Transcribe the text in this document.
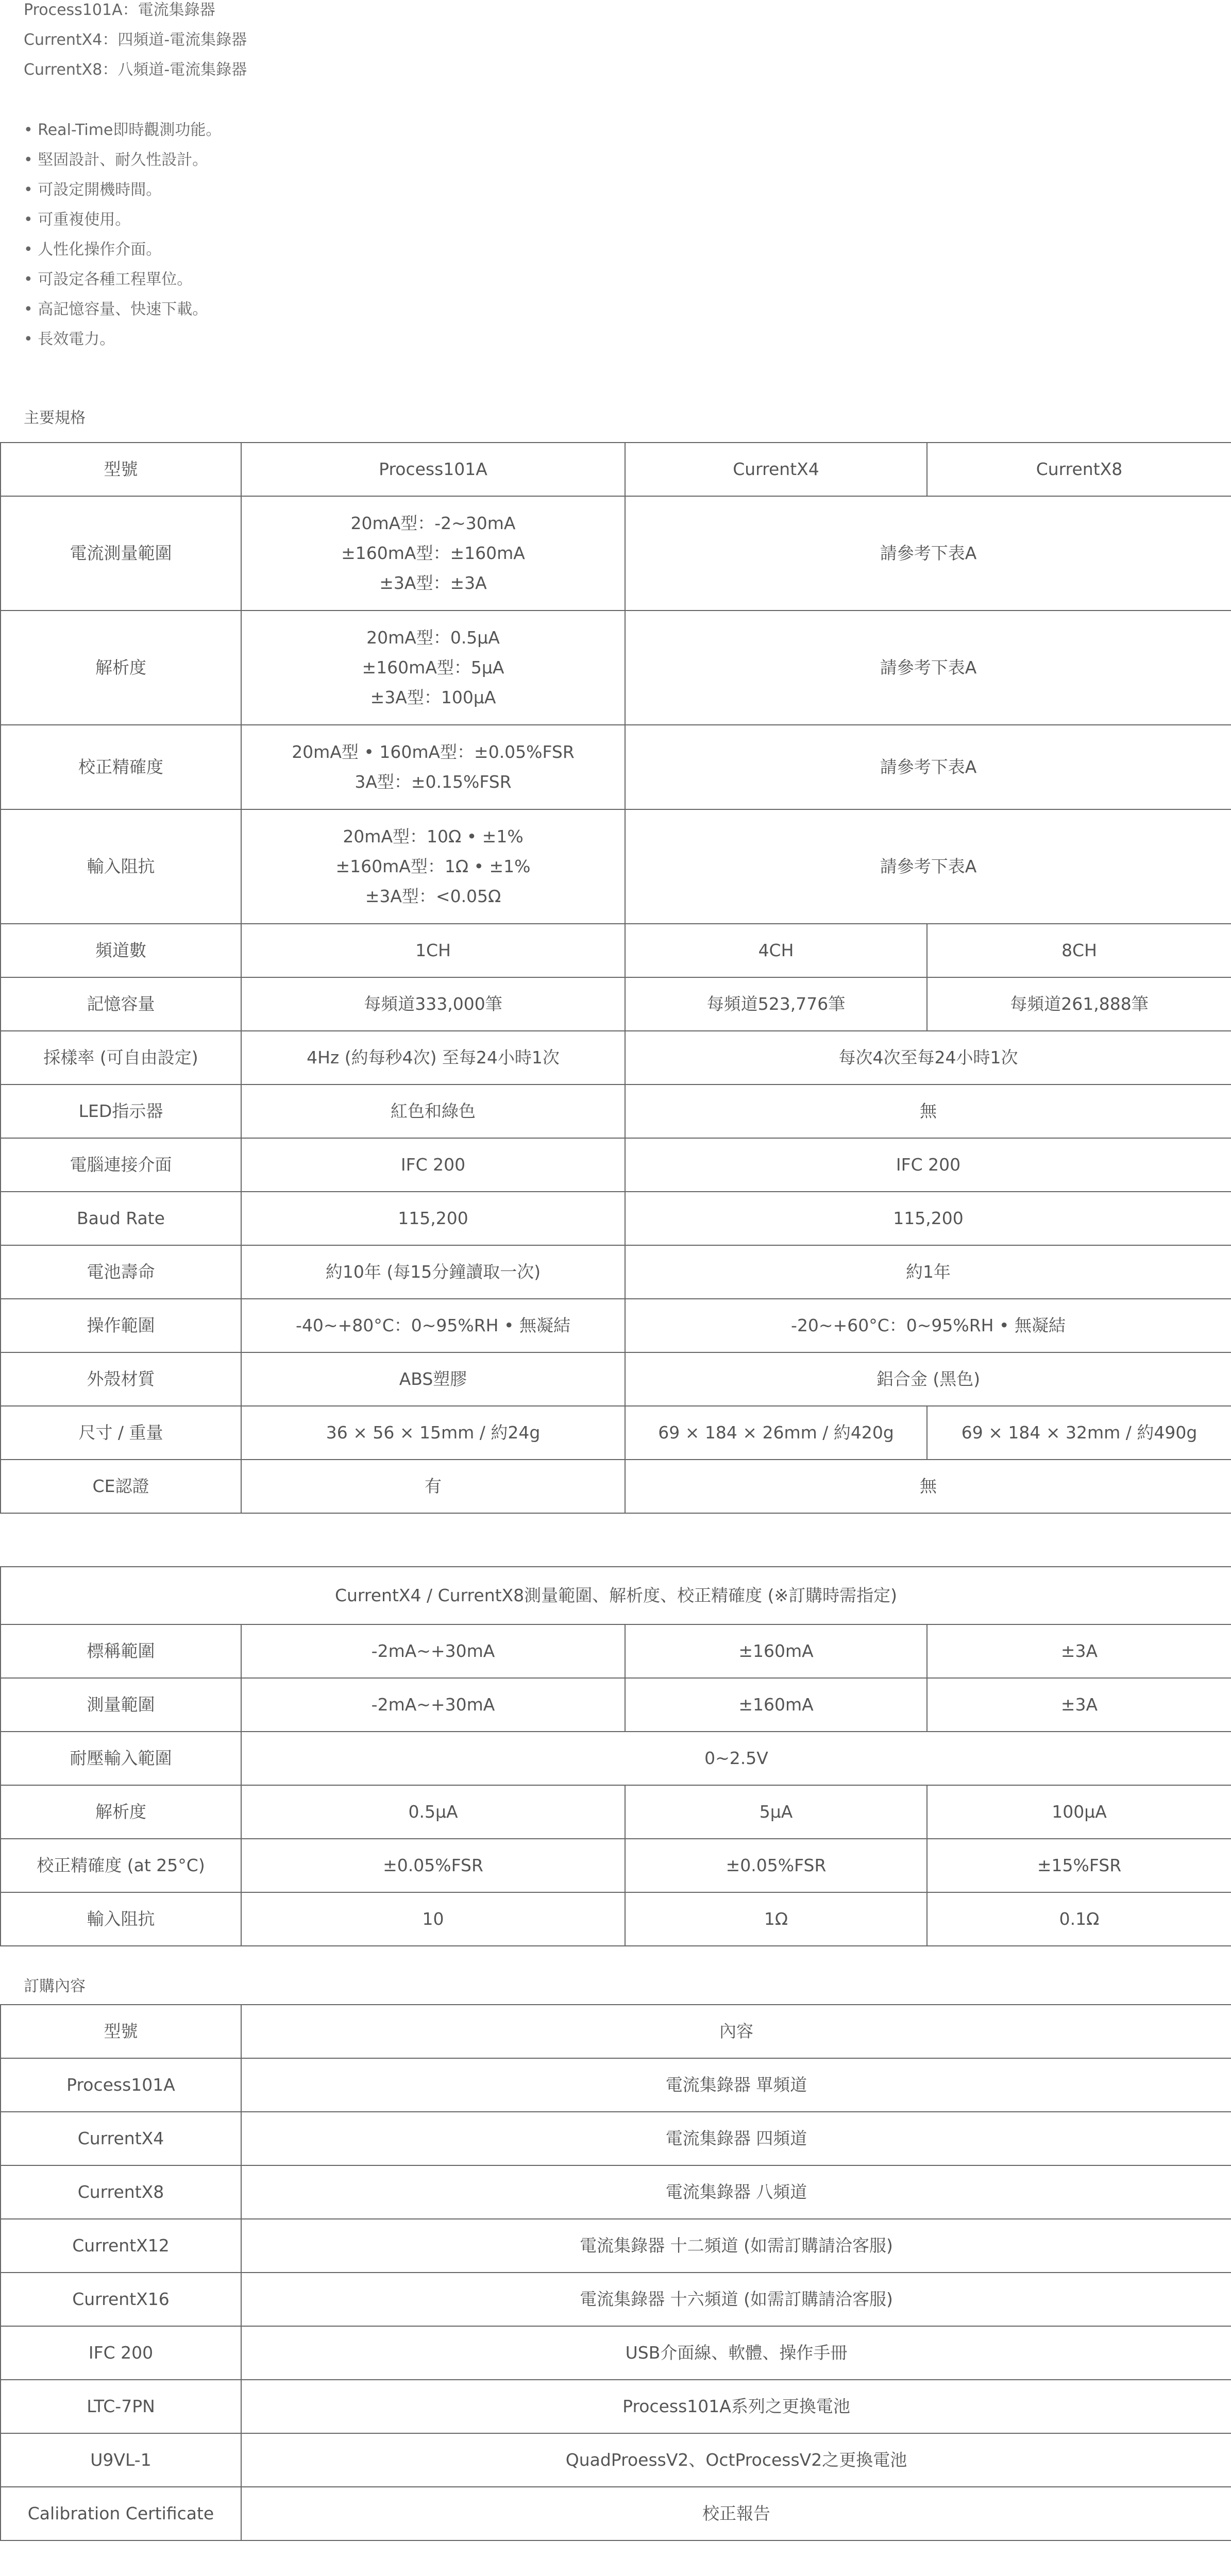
Process101A：電流集錄器
CurrentX4：四頻道-電流集錄器
CurrentX8：八頻道-電流集錄器
• Real-Time即時觀測功能。
• 堅固設計、耐久性設計。
• 可設定開機時間。
• 可重複使用。
• 人性化操作介面。
• 可設定各種工程單位。
• 高記憶容量、快速下載。
• 長效電力。
主要規格
型號	Process101A	CurrentX4	CurrentX8
電流測量範圍	20mA型：-2~30mA
±160mA型：±160mA
±3A型：±3A	請參考下表A	
解析度	20mA型：0.5μA
±160mA型：5μA
±3A型：100μA	請參考下表A	
校正精確度	20mA型 • 160mA型：±0.05%FSR
3A型：±0.15%FSR	請參考下表A	
輸入阻抗	20mA型：10Ω • ±1%
±160mA型：1Ω • ±1%
±3A型：<0.05Ω	請參考下表A	
頻道數	1CH	4CH	8CH
記憶容量	每頻道333,000筆	每頻道523,776筆	每頻道261,888筆
採樣率 (可自由設定)	4Hz (約每秒4次) 至每24小時1次	每次4次至每24小時1次	
LED指示器	紅色和綠色	無	
電腦連接介面	IFC 200	IFC 200	
Baud Rate	115,200	115,200	
電池壽命	約10年 (每15分鐘讀取一次)	約1年	
操作範圍	-40~+80°C：0~95%RH • 無凝結	-20~+60°C：0~95%RH • 無凝結	
外殼材質	ABS塑膠	鋁合金 (黑色)	
尺寸 / 重量	36 × 56 × 15mm / 約24g	69 × 184 × 26mm / 約420g	69 × 184 × 32mm / 約490g
CE認證	有	無	
CurrentX4 / CurrentX8測量範圍、解析度、校正精確度 (※訂購時需指定)			
標稱範圍	-2mA~+30mA	±160mA	±3A
測量範圍	-2mA~+30mA	±160mA	±3A
耐壓輸入範圍	0~2.5V		
解析度	0.5μA	5μA	100μA
校正精確度 (at 25°C)	±0.05%FSR	±0.05%FSR	±15%FSR
輸入阻抗	10	1Ω	0.1Ω
訂購內容
型號	內容
Process101A	電流集錄器 單頻道
CurrentX4	電流集錄器 四頻道
CurrentX8	電流集錄器 八頻道
CurrentX12	電流集錄器 十二頻道 (如需訂購請洽客服)
CurrentX16	電流集錄器 十六頻道 (如需訂購請洽客服)
IFC 200	USB介面線、軟體、操作手冊
LTC-7PN	Process101A系列之更換電池
U9VL-1	QuadProessV2、OctProcessV2之更換電池
Calibration Certificate	校正報告
